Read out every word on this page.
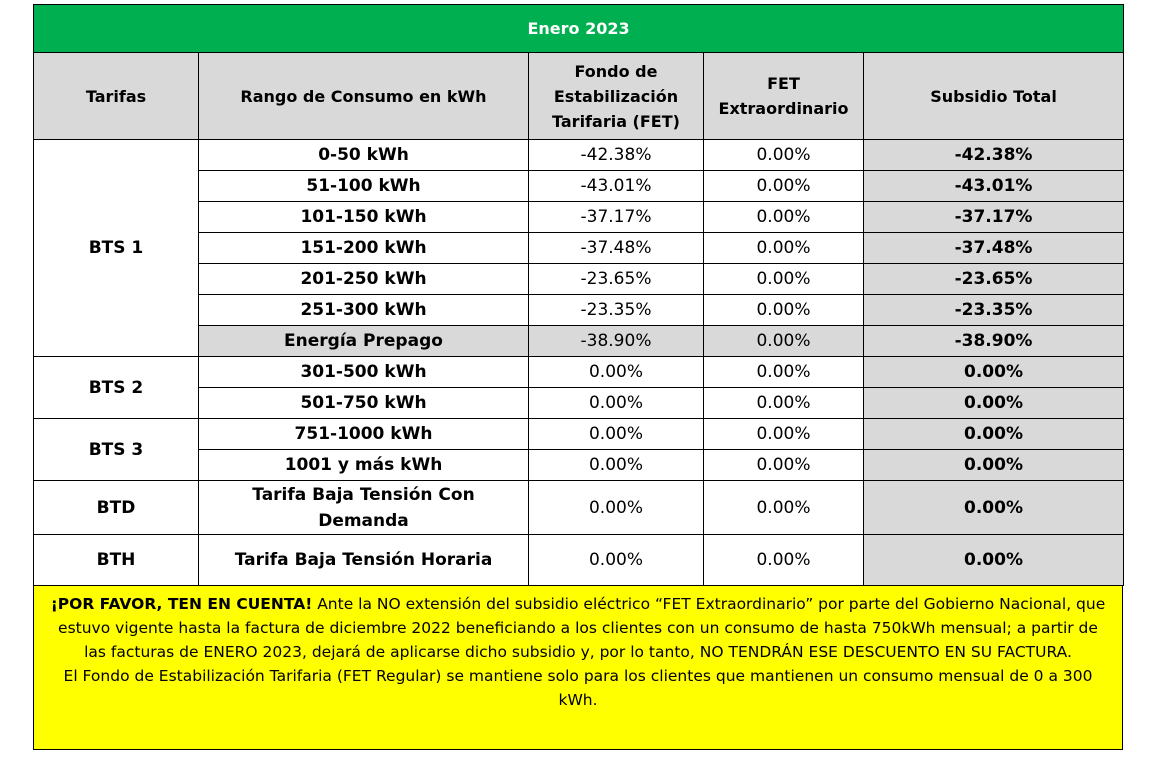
Enero 2023				
Tarifas	Rango de Consumo en kWh	Fondo de Estabilización Tarifaria (FET)	FET Extraordinario	Subsidio Total
BTS 1	0-50 kWh	-42.38%	0.00%	-42.38%
	51-100 kWh	-43.01%	0.00%	-43.01%
	101-150 kWh	-37.17%	0.00%	-37.17%
	151-200 kWh	-37.48%	0.00%	-37.48%
	201-250 kWh	-23.65%	0.00%	-23.65%
	251-300 kWh	-23.35%	0.00%	-23.35%
	Energía Prepago	-38.90%	0.00%	-38.90%
BTS 2	301-500 kWh	0.00%	0.00%	0.00%
	501-750 kWh	0.00%	0.00%	0.00%
BTS 3	751-1000 kWh	0.00%	0.00%	0.00%
	1001 y más kWh	0.00%	0.00%	0.00%
BTD	Tarifa Baja Tensión Con Demanda	0.00%	0.00%	0.00%
BTH	Tarifa Baja Tensión Horaria	0.00%	0.00%	0.00%
¡POR FAVOR, TEN EN CUENTA! Ante la NO extensión del subsidio eléctrico “FET Extraordinario” por parte del Gobierno Nacional, que estuvo vigente hasta la factura de diciembre 2022 beneficiando a los clientes con un consumo de hasta 750kWh mensual; a partir de las facturas de ENERO 2023, dejará de aplicarse dicho subsidio y, por lo tanto, NO TENDRÁN ESE DESCUENTO EN SU FACTURA.
El Fondo de Estabilización Tarifaria (FET Regular) se mantiene solo para los clientes que mantienen un consumo mensual de 0 a 300 kWh.
